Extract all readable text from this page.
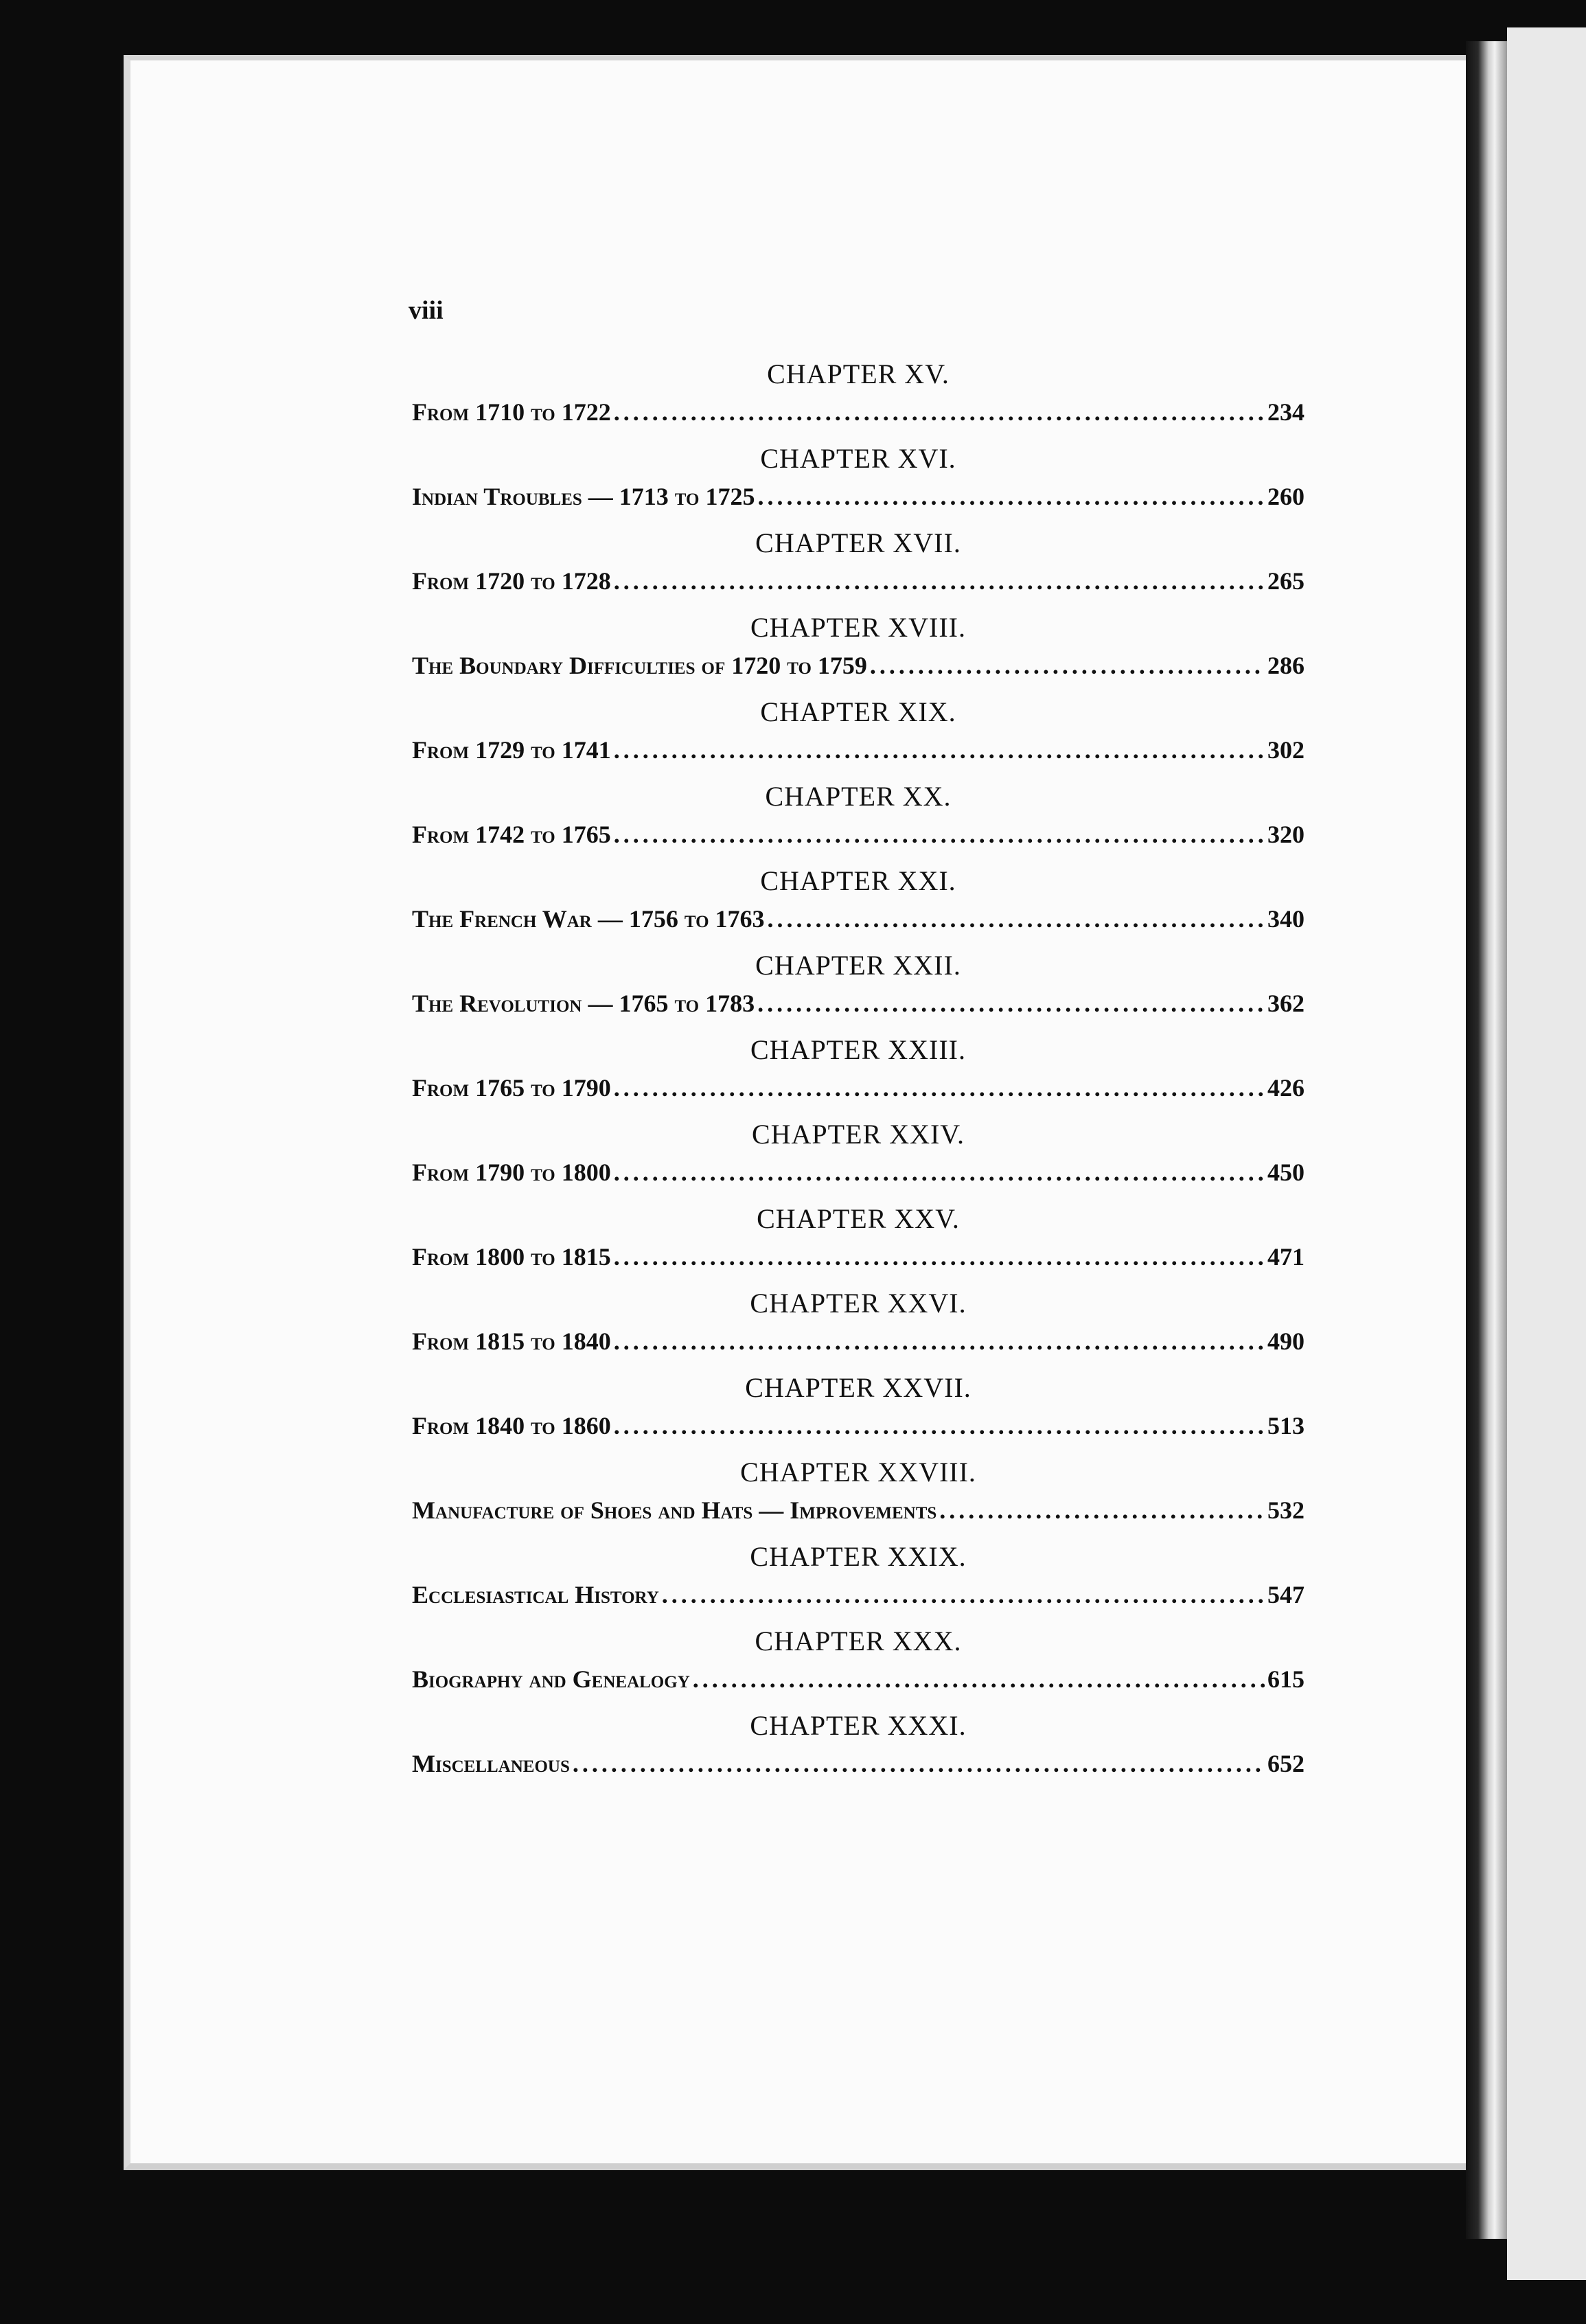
viii
CHAPTER XV.
From 1710 to 1722 . . .	234
CHAPTER XVI.
Indian Troubles — 1713 to 1725 . . .	260
CHAPTER XVII.
From 1720 to 1728 . . .	265
CHAPTER XVIII.
The Boundary Difficulties of 1720 to 1759 . . .	286
CHAPTER XIX.
From 1729 to 1741 . . .	302
CHAPTER XX.
From 1742 to 1765 . . .	320
CHAPTER XXI.
The French War — 1756 to 1763 . . .	340
CHAPTER XXII.
The Revolution — 1765 to 1783 . . .	362
CHAPTER XXIII.
From 1765 to 1790 . . .	426
CHAPTER XXIV.
From 1790 to 1800 . . .	450
CHAPTER XXV.
From 1800 to 1815 . . .	471
CHAPTER XXVI.
From 1815 to 1840 . . .	490
CHAPTER XXVII.
From 1840 to 1860 . . .	513
CHAPTER XXVIII.
Manufacture of Shoes and Hats — Improvements . . .	532
CHAPTER XXIX.
Ecclesiastical History . . .	547
CHAPTER XXX.
Biography and Genealogy . . .	615
CHAPTER XXXI.
Miscellaneous . . .	652
